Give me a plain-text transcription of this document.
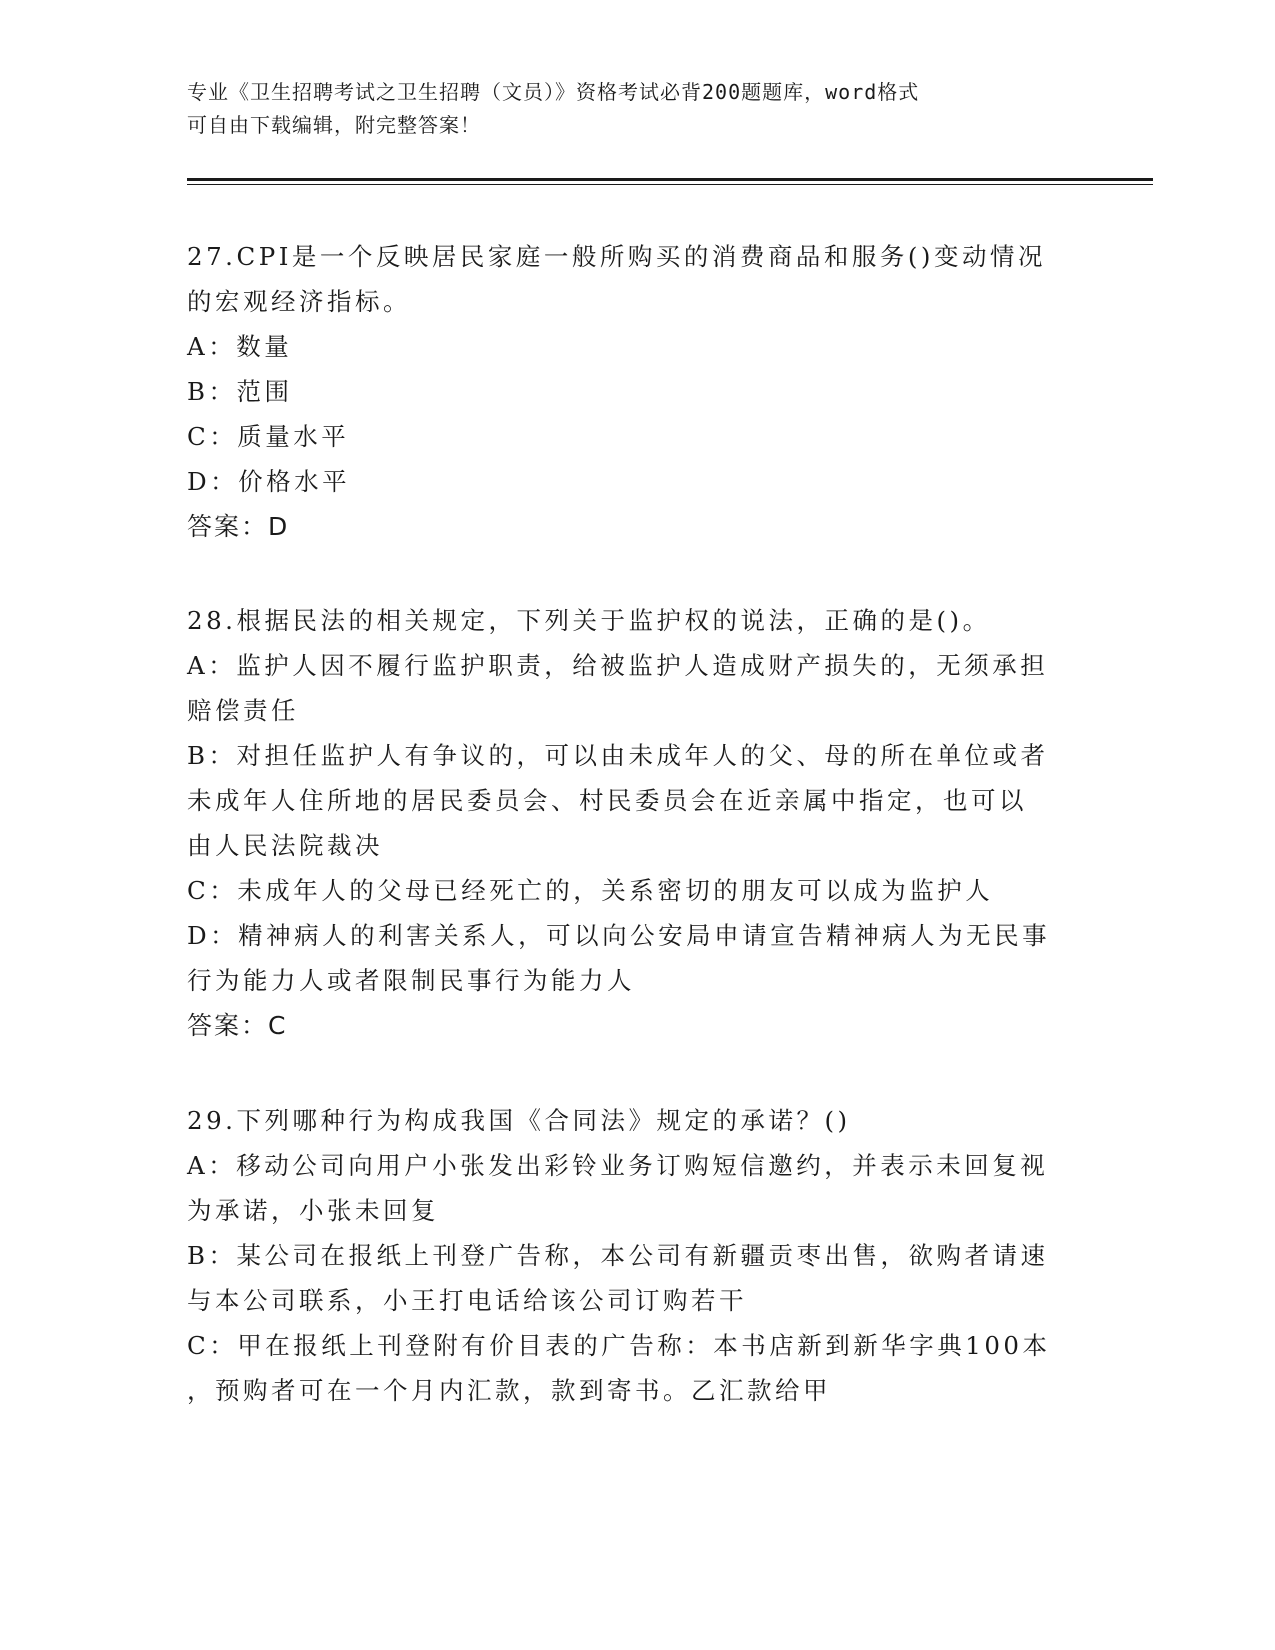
专业《卫生招聘考试之卫生招聘（文员）》资格考试必背200题题库，word格式
可自由下载编辑，附完整答案！
27.CPI是一个反映居民家庭一般所购买的消费商品和服务()变动情况
的宏观经济指标。
A：数量
B：范围
C：质量水平
D：价格水平
答案：D
28.根据民法的相关规定，下列关于监护权的说法，正确的是()。
A：监护人因不履行监护职责，给被监护人造成财产损失的，无须承担
赔偿责任
B：对担任监护人有争议的，可以由未成年人的父、母的所在单位或者
未成年人住所地的居民委员会、村民委员会在近亲属中指定，也可以
由人民法院裁决
C：未成年人的父母已经死亡的，关系密切的朋友可以成为监护人
D：精神病人的利害关系人，可以向公安局申请宣告精神病人为无民事
行为能力人或者限制民事行为能力人
答案：C
29.下列哪种行为构成我国《合同法》规定的承诺？()
A：移动公司向用户小张发出彩铃业务订购短信邀约，并表示未回复视
为承诺，小张未回复
B：某公司在报纸上刊登广告称，本公司有新疆贡枣出售，欲购者请速
与本公司联系，小王打电话给该公司订购若干
C：甲在报纸上刊登附有价目表的广告称：本书店新到新华字典100本
，预购者可在一个月内汇款，款到寄书。乙汇款给甲
